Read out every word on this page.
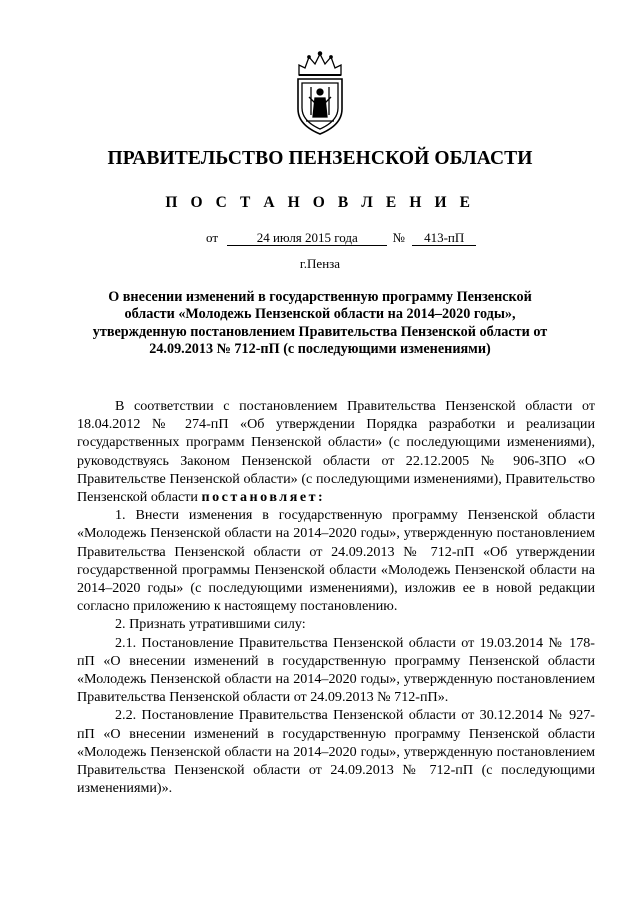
ПРАВИТЕЛЬСТВО ПЕНЗЕНСКОЙ ОБЛАСТИ
П О С Т А Н О В Л Е Н И Е
от	24 июля 2015 года	№ 413-пП
г.Пенза
О внесении изменений в государственную программу Пензенской области «Молодежь Пензенской области на 2014–2020 годы», утвержденную постановлением Правительства Пензенской области от 24.09.2013 № 712-пП (с последующими изменениями)

В соответствии с постановлением Правительства Пензенской области от 18.04.2012 № 274-пП «Об утверждении Порядка разработки и реализации государственных программ Пензенской области» (с последующими изменениями), руководствуясь Законом Пензенской области от 22.12.2005 № 906-ЗПО «О Правительстве Пензенской области» (с последующими изменениями), Правительство Пензенской области постановляет:

1. Внести изменения в государственную программу Пензенской области «Молодежь Пензенской области на 2014–2020 годы», утвержденную постановлением Правительства Пензенской области от 24.09.2013 № 712-пП «Об утверждении государственной программы Пензенской области «Молодежь Пензенской области на 2014–2020 годы» (с последующими изменениями), изложив ее в новой редакции согласно приложению к настоящему постановлению.

2. Признать утратившими силу:

2.1. Постановление Правительства Пензенской области от 19.03.2014 № 178-пП «О внесении изменений в государственную программу Пензенской области «Молодежь Пензенской области на 2014–2020 годы», утвержденную постановлением Правительства Пензенской области от 24.09.2013 № 712-пП».

2.2. Постановление Правительства Пензенской области от 30.12.2014 № 927-пП «О внесении изменений в государственную программу Пензенской области «Молодежь Пензенской области на 2014–2020 годы», утвержденную постановлением Правительства Пензенской области от 24.09.2013 № 712-пП (с последующими изменениями)».
